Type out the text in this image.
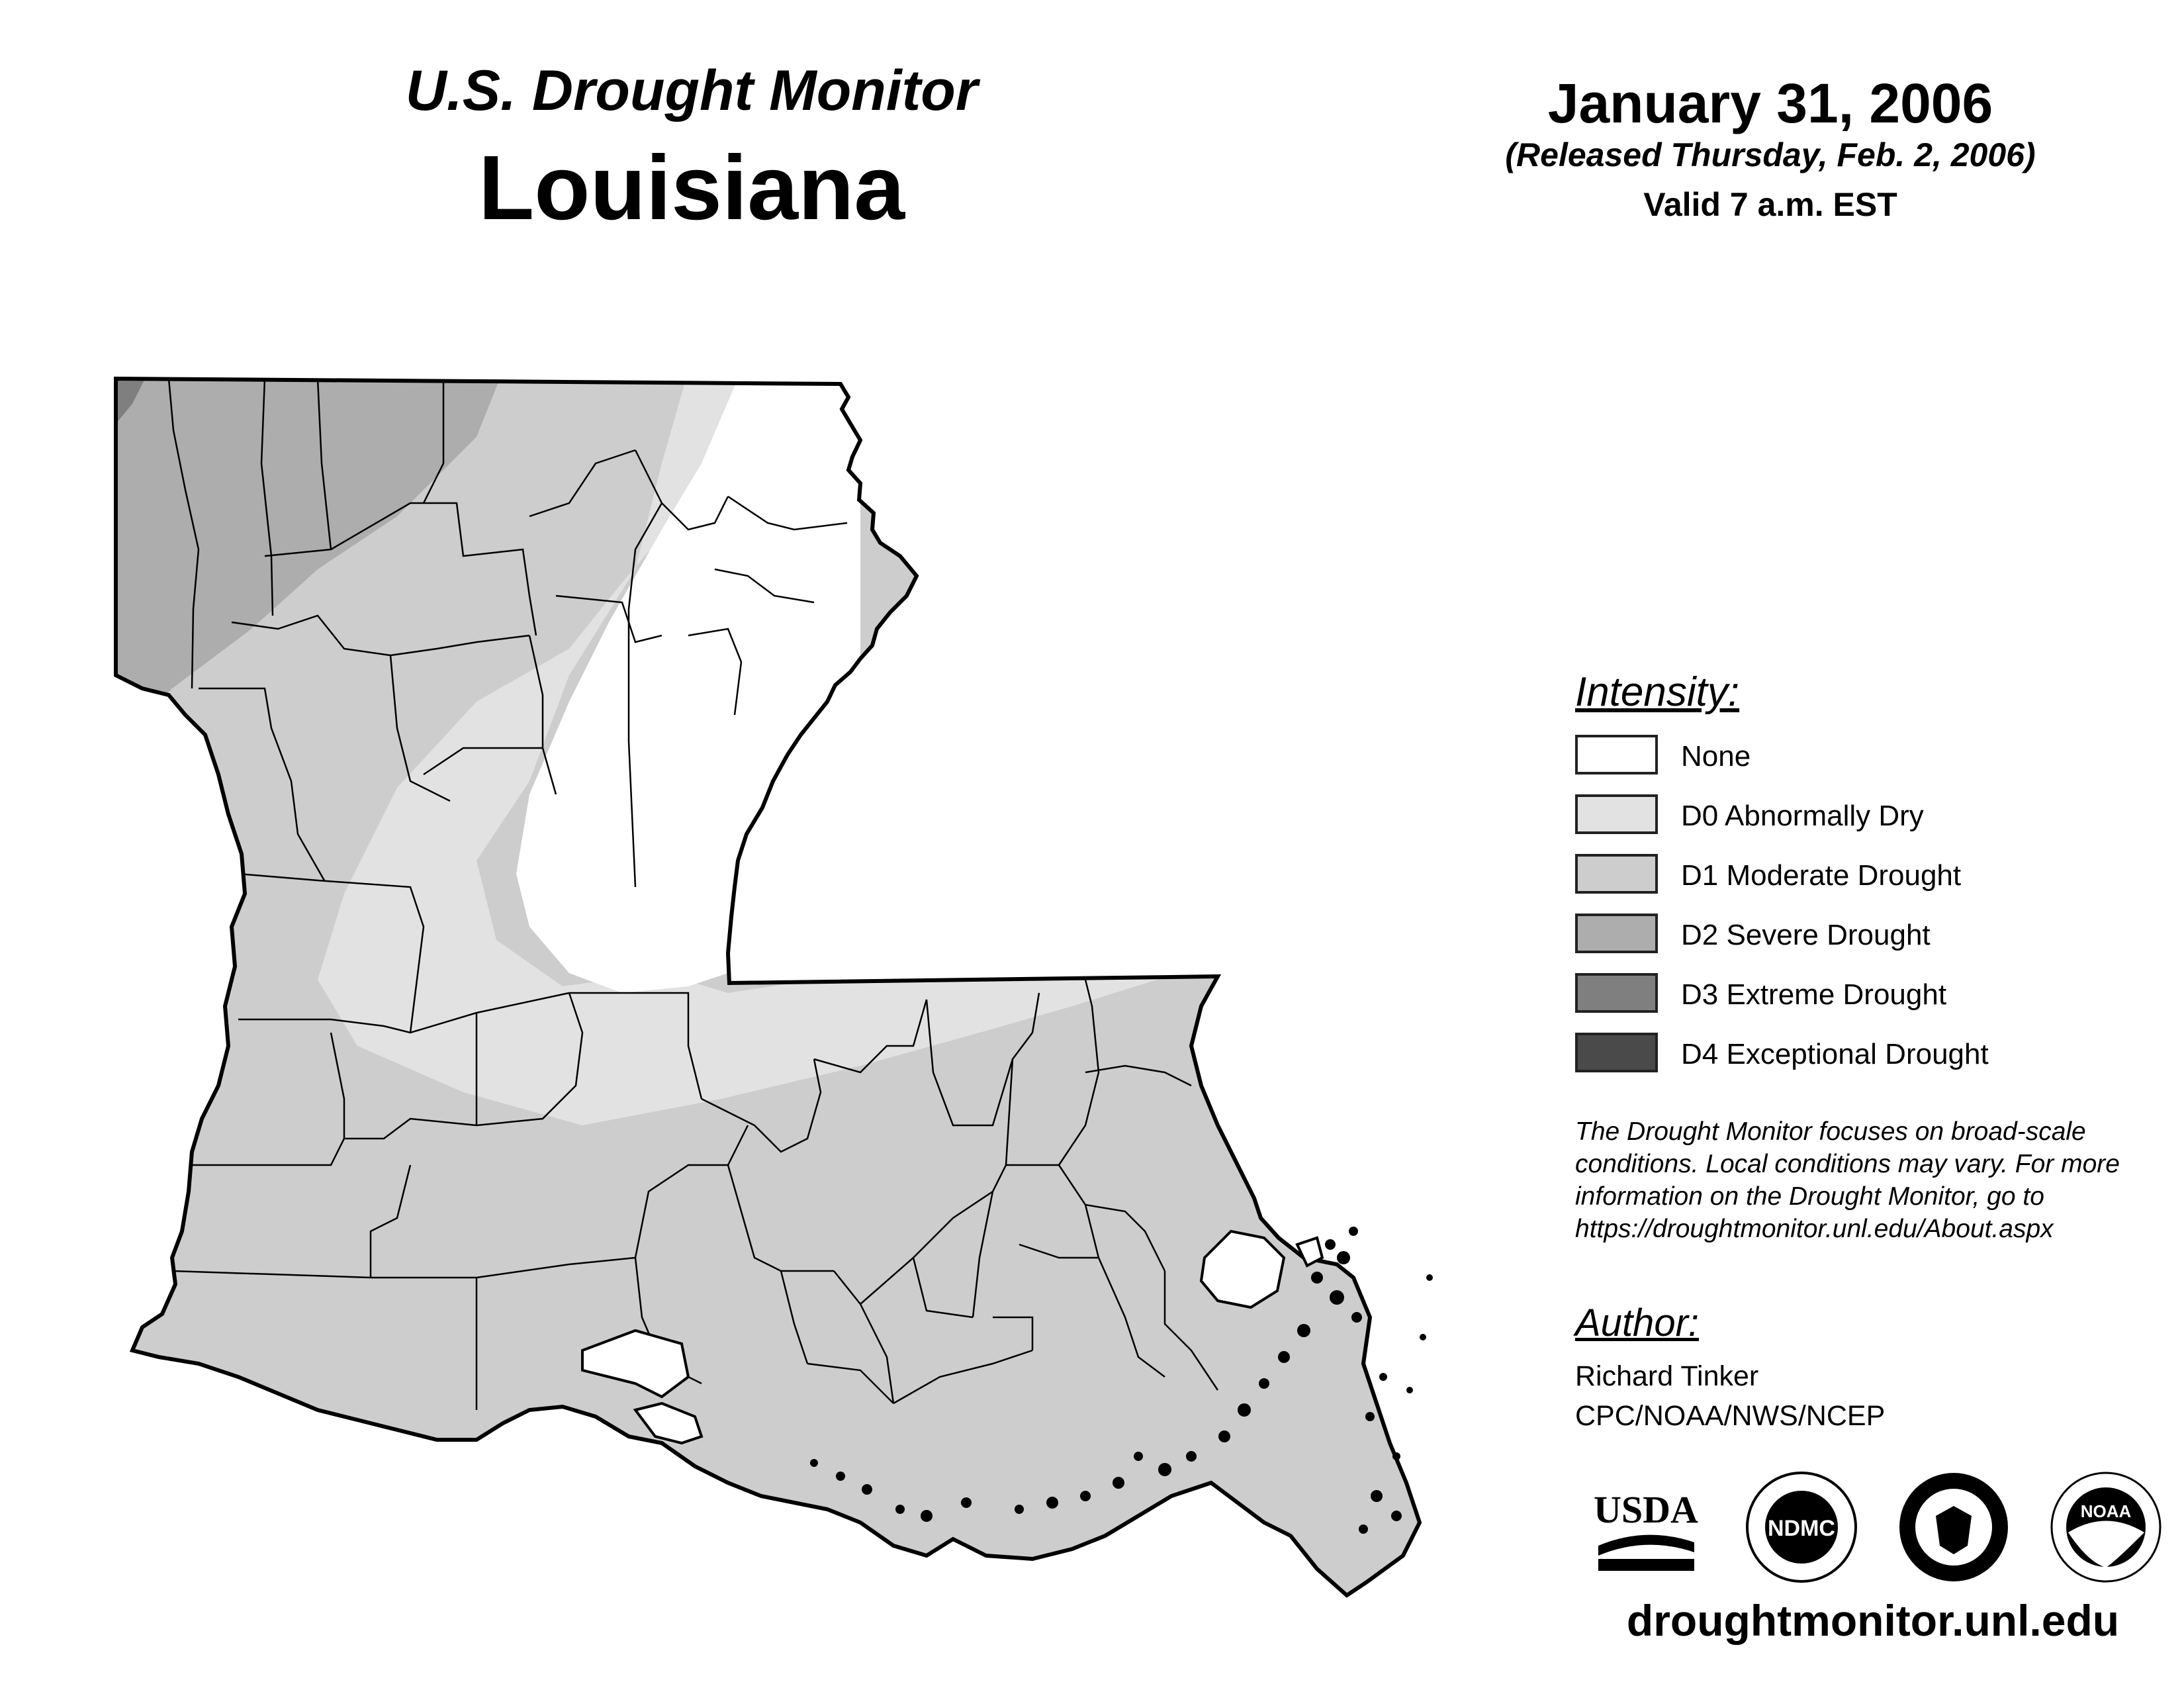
U.S. Drought Monitor
Louisiana
January 31, 2006
(Released Thursday, Feb. 2, 2006)
Valid 7 a.m. EST
Intensity:
None
D0 Abnormally Dry
D1 Moderate Drought
D2 Severe Drought
D3 Extreme Drought
D4 Exceptional Drought
The Drought Monitor focuses on broad-scale
conditions. Local conditions may vary. For more
information on the Drought Monitor, go to
https://droughtmonitor.unl.edu/About.aspx
Author:
Richard Tinker
CPC/NOAA/NWS/NCEP
USDA	NDMC
NOAA
droughtmonitor.unl.edu
